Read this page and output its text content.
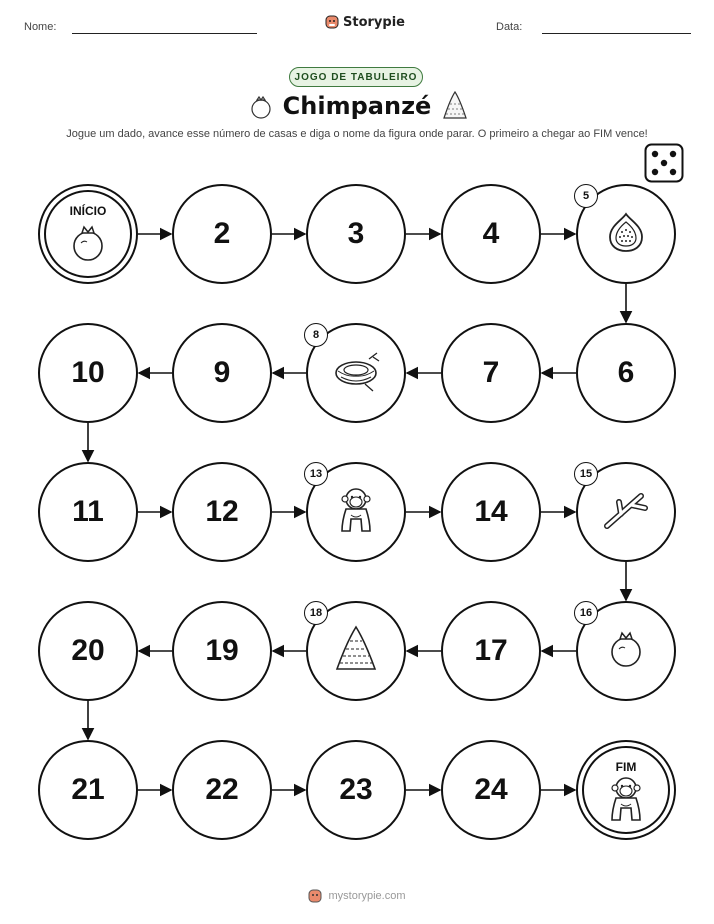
Nome:	Storypie	Data:
JOGO DE TABULEIRO
Chimpanzé
Jogue um dado, avance esse número de casas e diga o nome da figura onde parar. O primeiro a chegar ao FIM vence!
INÍCIO
2	3	4
5
6
7
8
9
10
11	12
13
14
15
16
17
18
19
20
21	22	23	24
FIM
mystorypie.com
